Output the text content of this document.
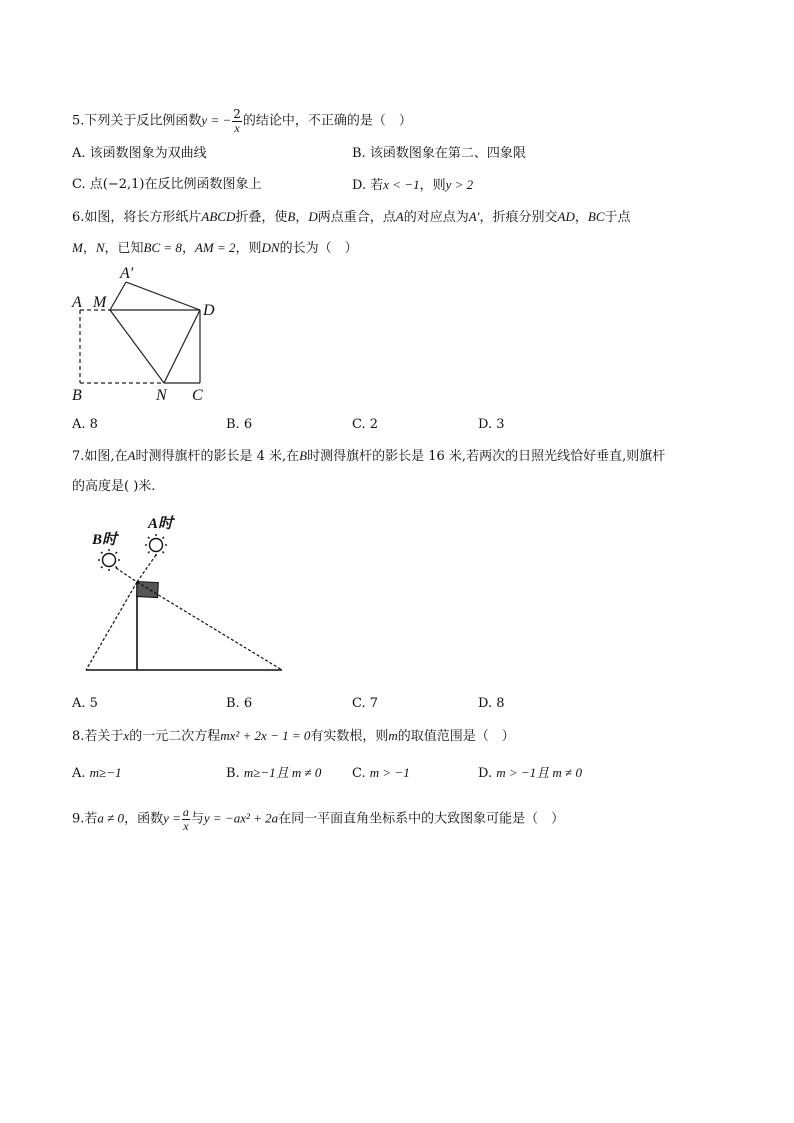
5.下列关于反比例函数y = − $\frac{2}{x}$ 的结论中，不正确的是（　）
A. 该函数图象为双曲线	B. 该函数图象在第二、四象限
C. 点(−2,1)在反比例函数图象上	D. 若x < −1，则y > 2
6.如图，将长方形纸片ABCD折叠，使B，D两点重合，点A的对应点为A′，折痕分别交AD，BC于点
M，N，已知BC = 8，AM = 2，则DN的长为（　）
A M
A′
D
B	N C
A. 8	B. 6	C. 2	D. 3
7.如图,在A时测得旗杆的影长是 4 米,在B时测得旗杆的影长是 16 米,若两次的日照光线恰好垂直,则旗杆
的高度是( )米.
B时
A时
A. 5	B. 6	C. 7	D. 8
8.若关于x的一元二次方程mx² + 2x − 1 = 0有实数根，则m的取值范围是（　）
A. m≥−1	B. m≥−1且 m ≠ 0 C. m > −1	D. m > −1且 m ≠ 0
9.若a ≠ 0，函数$y = \frac{a}{x}$ 与y = −ax² + 2a在同一平面直角坐标系中的大致图象可能是（　）
